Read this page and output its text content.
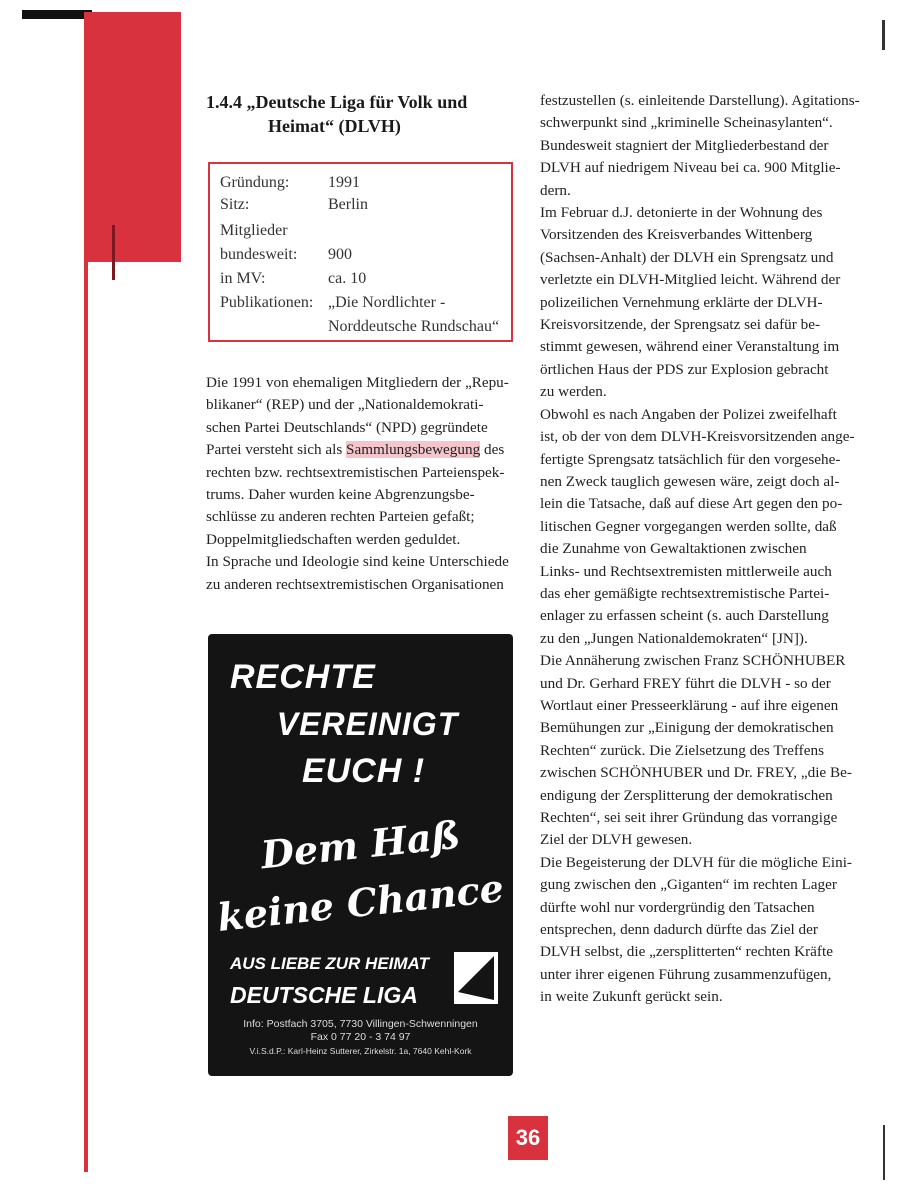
1.4.4 „Deutsche Liga für Volk und
Heimat“ (DLVH)
Gründung: 1991
Sitz:	Berlin
Mitglieder
bundesweit: 900
in MV:	ca. 10
Publikationen: „Die Nordlichter -
Norddeutsche Rundschau“
Die 1991 von ehemaligen Mitgliedern der „Repu-
blikaner“ (REP) und der „Nationaldemokrati-
schen Partei Deutschlands“ (NPD) gegründete
Partei versteht sich als Sammlungsbewegung des
rechten bzw. rechtsextremistischen Parteienspek-
trums. Daher wurden keine Abgrenzungsbe-
schlüsse zu anderen rechten Parteien gefaßt;
Doppelmitgliedschaften werden geduldet.
In Sprache und Ideologie sind keine Unterschiede
zu anderen rechtsextremistischen Organisationen
RECHTE
VEREINIGT
EUCH !
Dem Haß
keine Chance
AUS LIEBE ZUR HEIMAT
DEUTSCHE LIGA
Info: Postfach 3705, 7730 Villingen-Schwenningen
Fax 0 77 20 - 3 74 97
V.i.S.d.P.: Karl-Heinz Sutterer, Zirkelstr. 1a, 7640 Kehl-Kork
festzustellen (s. einleitende Darstellung). Agitations-
schwerpunkt sind „kriminelle Scheinasylanten“.
Bundesweit stagniert der Mitgliederbestand der
DLVH auf niedrigem Niveau bei ca. 900 Mitglie-
dern.
Im Februar d.J. detonierte in der Wohnung des
Vorsitzenden des Kreisverbandes Wittenberg
(Sachsen-Anhalt) der DLVH ein Sprengsatz und
verletzte ein DLVH-Mitglied leicht. Während der
polizeilichen Vernehmung erklärte der DLVH-
Kreisvorsitzende, der Sprengsatz sei dafür be-
stimmt gewesen, während einer Veranstaltung im
örtlichen Haus der PDS zur Explosion gebracht
zu werden.
Obwohl es nach Angaben der Polizei zweifelhaft
ist, ob der von dem DLVH-Kreisvorsitzenden ange-
fertigte Sprengsatz tatsächlich für den vorgesehe-
nen Zweck tauglich gewesen wäre, zeigt doch al-
lein die Tatsache, daß auf diese Art gegen den po-
litischen Gegner vorgegangen werden sollte, daß
die Zunahme von Gewaltaktionen zwischen
Links- und Rechtsextremisten mittlerweile auch
das eher gemäßigte rechtsextremistische Partei-
enlager zu erfassen scheint (s. auch Darstellung
zu den „Jungen Nationaldemokraten“ [JN]).
Die Annäherung zwischen Franz SCHÖNHUBER
und Dr. Gerhard FREY führt die DLVH - so der
Wortlaut einer Presseerklärung - auf ihre eigenen
Bemühungen zur „Einigung der demokratischen
Rechten“ zurück. Die Zielsetzung des Treffens
zwischen SCHÖNHUBER und Dr. FREY, „die Be-
endigung der Zersplitterung der demokratischen
Rechten“, sei seit ihrer Gründung das vorrangige
Ziel der DLVH gewesen.
Die Begeisterung der DLVH für die mögliche Eini-
gung zwischen den „Giganten“ im rechten Lager
dürfte wohl nur vordergründig den Tatsachen
entsprechen, denn dadurch dürfte das Ziel der
DLVH selbst, die „zersplitterten“ rechten Kräfte
unter ihrer eigenen Führung zusammenzufügen,
in weite Zukunft gerückt sein.
36
